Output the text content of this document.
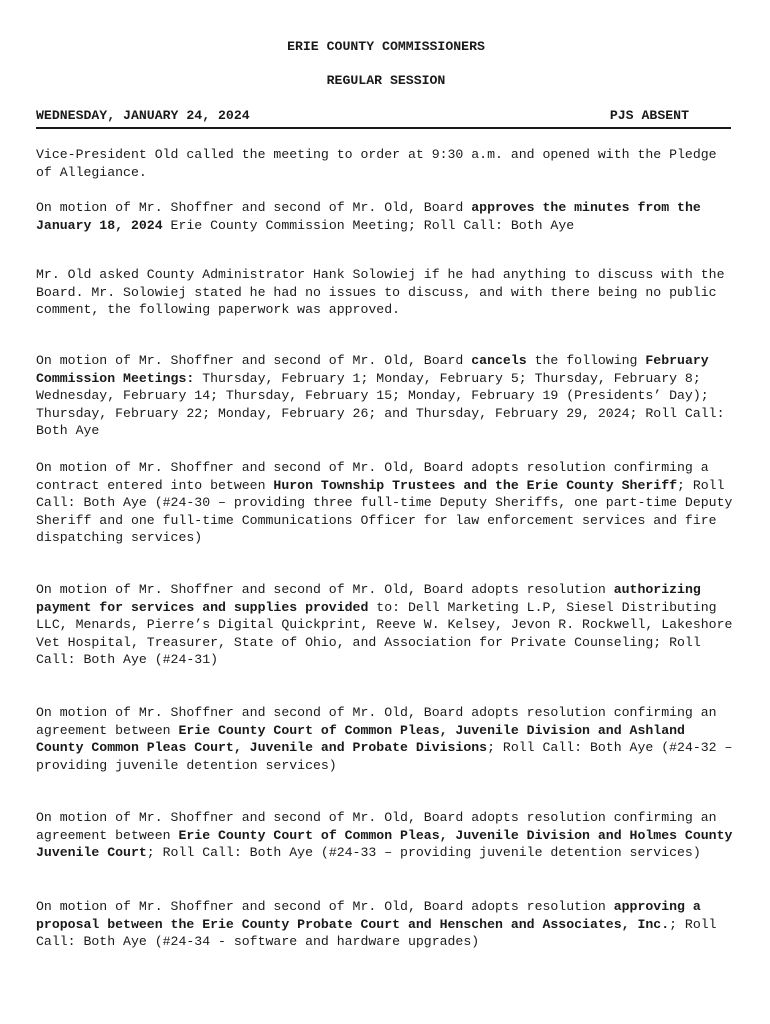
ERIE COUNTY COMMISSIONERS
REGULAR SESSION
WEDNESDAY, JANUARY 24, 2024	PJS ABSENT

Vice-President Old called the meeting to order at 9:30 a.m. and opened with the Pledge of Allegiance.

On motion of Mr. Shoffner and second of Mr. Old, Board approves the minutes from the January 18, 2024 Erie County Commission Meeting; Roll Call: Both Aye

Mr. Old asked County Administrator Hank Solowiej if he had anything to discuss with the Board. Mr. Solowiej stated he had no issues to discuss, and with there being no public comment, the following paperwork was approved.

On motion of Mr. Shoffner and second of Mr. Old, Board cancels the following February Commission Meetings: Thursday, February 1; Monday, February 5; Thursday, February 8; Wednesday, February 14; Thursday, February 15; Monday, February 19 (Presidents’ Day); Thursday, February 22; Monday, February 26; and Thursday, February 29, 2024; Roll Call: Both Aye

On motion of Mr. Shoffner and second of Mr. Old, Board adopts resolution confirming a contract entered into between Huron Township Trustees and the Erie County Sheriff; Roll Call: Both Aye (#24-30 – providing three full-time Deputy Sheriffs, one part-time Deputy Sheriff and one full-time Communications Officer for law enforcement services and fire dispatching services)

On motion of Mr. Shoffner and second of Mr. Old, Board adopts resolution authorizing payment for services and supplies provided to: Dell Marketing L.P, Siesel Distributing LLC, Menards, Pierre’s Digital Quickprint, Reeve W. Kelsey, Jevon R. Rockwell, Lakeshore Vet Hospital, Treasurer, State of Ohio, and Association for Private Counseling; Roll Call: Both Aye (#24-31)

On motion of Mr. Shoffner and second of Mr. Old, Board adopts resolution confirming an agreement between Erie County Court of Common Pleas, Juvenile Division and Ashland County Common Pleas Court, Juvenile and Probate Divisions; Roll Call: Both Aye (#24-32 – providing juvenile detention services)

On motion of Mr. Shoffner and second of Mr. Old, Board adopts resolution confirming an agreement between Erie County Court of Common Pleas, Juvenile Division and Holmes County Juvenile Court; Roll Call: Both Aye (#24-33 – providing juvenile detention services)

On motion of Mr. Shoffner and second of Mr. Old, Board adopts resolution approving a proposal between the Erie County Probate Court and Henschen and Associates, Inc.; Roll Call: Both Aye (#24-34 - software and hardware upgrades)
